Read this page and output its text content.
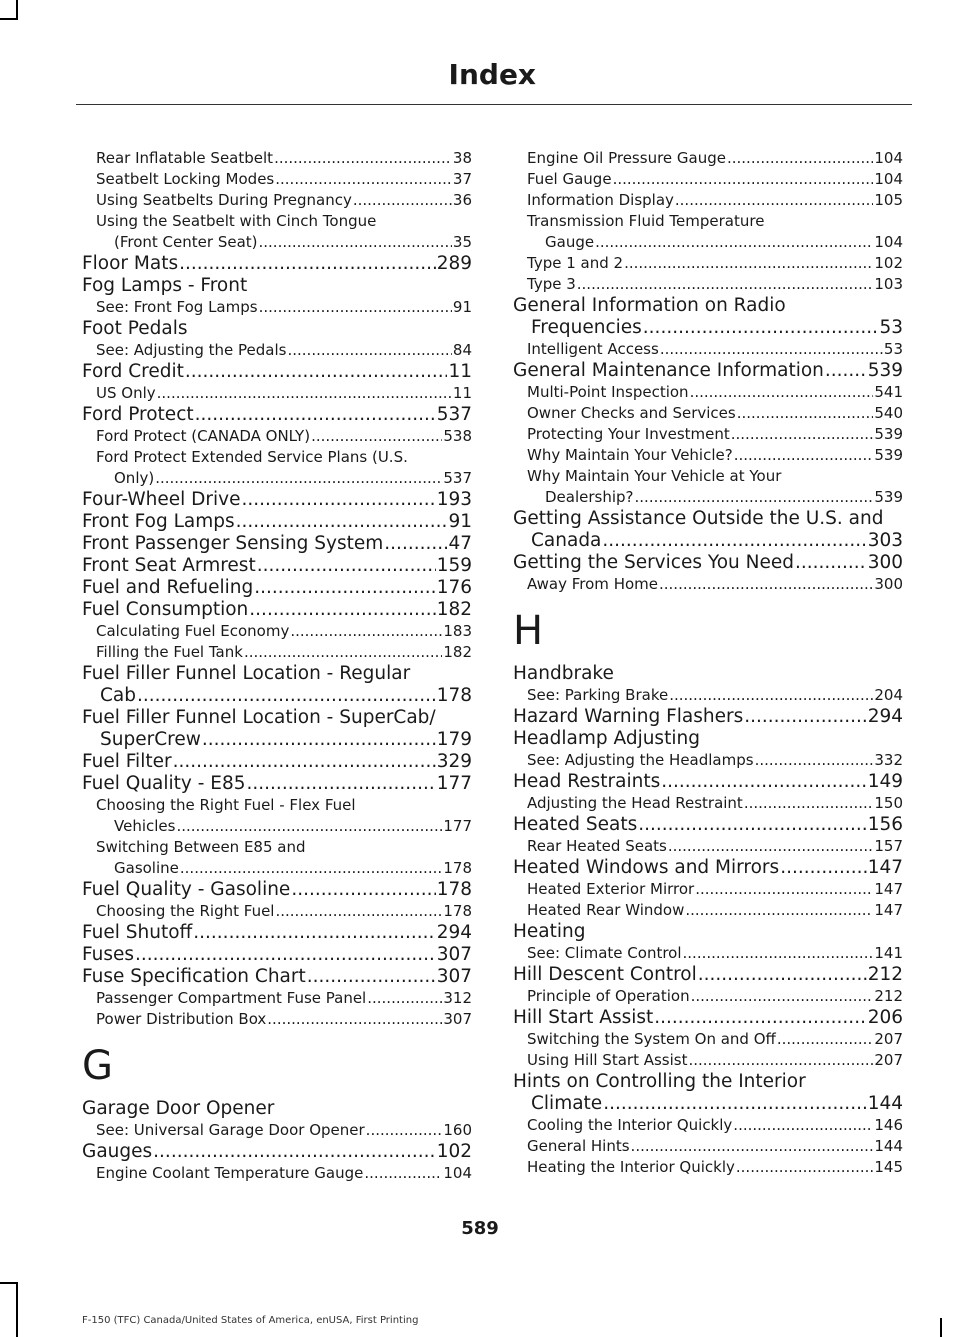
Index
Rear Inflatable Seatbelt .....	38
Seatbelt Locking Modes .....	37
Using Seatbelts During Pregnancy .....	36
Using the Seatbelt with Cinch Tongue
(Front Center Seat) .....	35
Floor Mats .....	289
Fog Lamps - Front
See: Front Fog Lamps .....	91
Foot Pedals
See: Adjusting the Pedals .....	84
Ford Credit .....	11
US Only .....	11
Ford Protect .....	537
Ford Protect (CANADA ONLY) .....	538
Ford Protect Extended Service Plans (U.S.
Only) .....	537
Four-Wheel Drive .....	193
Front Fog Lamps .....	91
Front Passenger Sensing System .....	47
Front Seat Armrest .....	159
Fuel and Refueling .....	176
Fuel Consumption .....	182
Calculating Fuel Economy .....	183
Filling the Fuel Tank .....	182
Fuel Filler Funnel Location - Regular
Cab .....	178
Fuel Filler Funnel Location - SuperCab/
SuperCrew .....	179
Fuel Filter .....	329
Fuel Quality - E85 .....	177
Choosing the Right Fuel - Flex Fuel
Vehicles .....	177
Switching Between E85 and
Gasoline .....	178
Fuel Quality - Gasoline .....	178
Choosing the Right Fuel .....	178
Fuel Shutoff .....	294
Fuses .....	307
Fuse Specification Chart .....	307
Passenger Compartment Fuse Panel .....	312
Power Distribution Box .....	307
G
Garage Door Opener
See: Universal Garage Door Opener .....	160
Gauges .....	102
Engine Coolant Temperature Gauge .....	104
Engine Oil Pressure Gauge .....	104
Fuel Gauge .....	104
Information Display .....	105
Transmission Fluid Temperature
Gauge .....	104
Type 1 and 2 .....	102
Type 3 .....	103
General Information on Radio
Frequencies .....	53
Intelligent Access .....	53
General Maintenance Information ..... 539
Multi-Point Inspection .....	541
Owner Checks and Services .....	540
Protecting Your Investment .....	539
Why Maintain Your Vehicle? .....	539
Why Maintain Your Vehicle at Your
Dealership? .....	539
Getting Assistance Outside the U.S. and
Canada .....	303
Getting the Services You Need .....	300
Away From Home .....	300
H
Handbrake
See: Parking Brake .....	204
Hazard Warning Flashers .....	294
Headlamp Adjusting
See: Adjusting the Headlamps .....	332
Head Restraints .....	149
Adjusting the Head Restraint .....	150
Heated Seats .....	156
Rear Heated Seats .....	157
Heated Windows and Mirrors .....	147
Heated Exterior Mirror .....	147
Heated Rear Window .....	147
Heating
See: Climate Control .....	141
Hill Descent Control .....	212
Principle of Operation .....	212
Hill Start Assist .....	206
Switching the System On and Off .....	207
Using Hill Start Assist .....	207
Hints on Controlling the Interior
Climate .....	144
Cooling the Interior Quickly .....	146
General Hints .....	144
Heating the Interior Quickly .....	145
589
F-150 (TFC) Canada/United States of America, enUSA, First Printing
